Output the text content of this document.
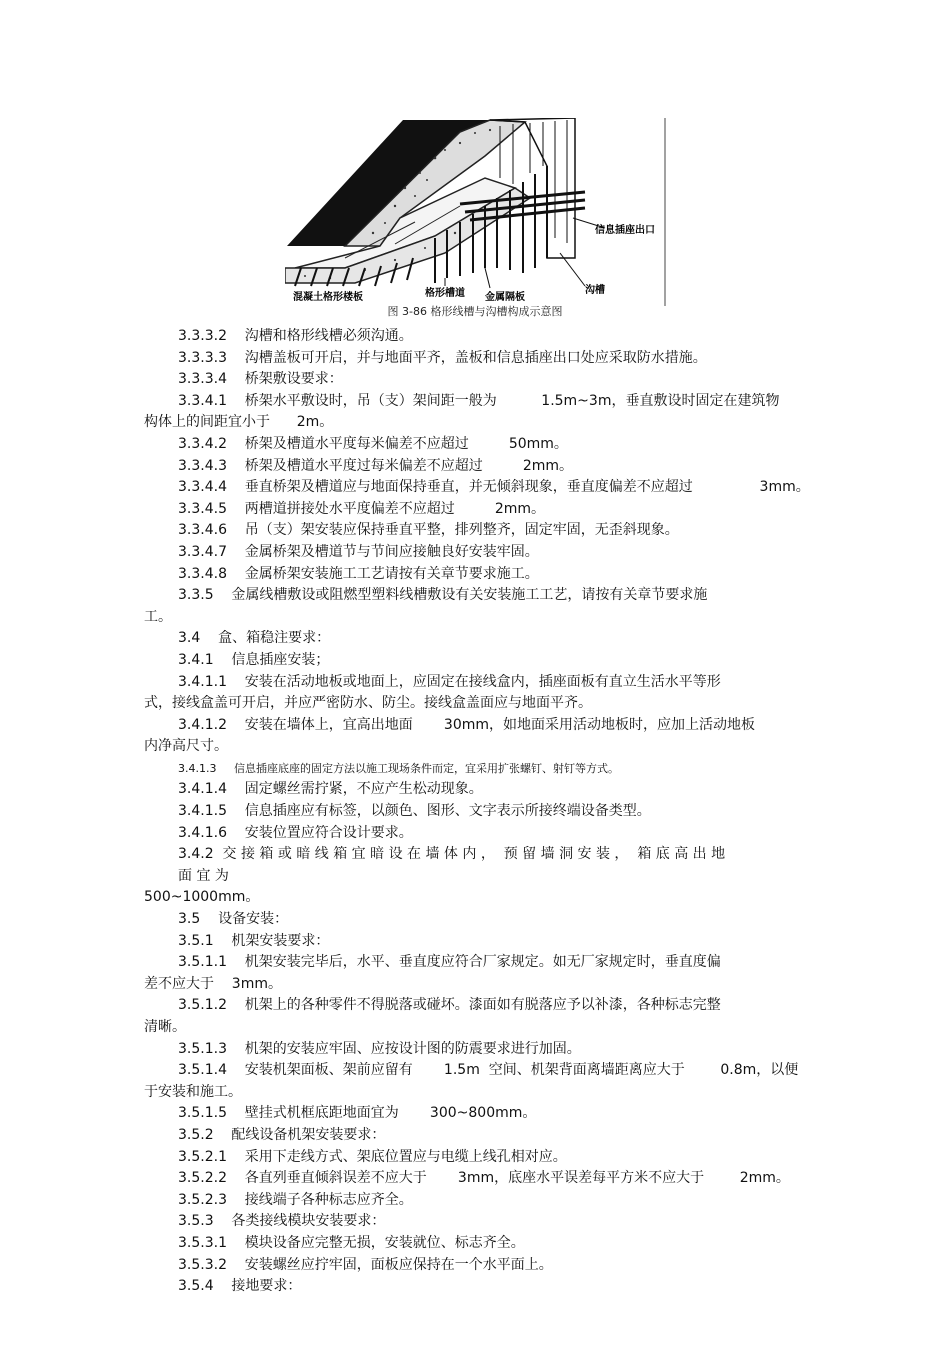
混凝土格形楼板	格形槽道 金属隔板
信息插座出口
沟槽
图 3-86 格形线槽与沟槽构成示意图
3.3.3.2    沟槽和格形线槽必须沟通。
3.3.3.3    沟槽盖板可开启，并与地面平齐，盖板和信息插座出口处应采取防水措施。
3.3.3.4    桥架敷设要求：
3.3.4.1    桥架水平敷设时，吊（支）架间距一般为          1.5m~3m，垂直敷设时固定在建筑物
构体上的间距宜小于      2m。
3.3.4.2    桥架及槽道水平度每米偏差不应超过         50mm。
3.3.4.3    桥架及槽道水平度过每米偏差不应超过         2mm。
3.3.4.4    垂直桥架及槽道应与地面保持垂直，并无倾斜现象，垂直度偏差不应超过               3mm。
3.3.4.5    两槽道拼接处水平度偏差不应超过         2mm。
3.3.4.6    吊（支）架安装应保持垂直平整，排列整齐，固定牢固，无歪斜现象。
3.3.4.7    金属桥架及槽道节与节间应接触良好安装牢固。
3.3.4.8    金属桥架安装施工工艺请按有关章节要求施工。
3.3.5    金属线槽敷设或阻燃型塑料线槽敷设有关安装施工工艺，请按有关章节要求施
工。
3.4    盒、箱稳注要求：
3.4.1    信息插座安装；
3.4.1.1    安装在活动地板或地面上，应固定在接线盒内，插座面板有直立生活水平等形
式，接线盒盖可开启，并应严密防水、防尘。接线盒盖面应与地面平齐。
3.4.1.2    安装在墙体上，宜高出地面       30mm，如地面采用活动地板时，应加上活动地板
内净高尺寸。
3.4.1.3     信息插座底座的固定方法以施工现场条件而定，宜采用扩张螺钉、射钉等方式。
3.4.1.4    固定螺丝需拧紧，不应产生松动现象。
3.4.1.5    信息插座应有标签，以颜色、图形、文字表示所接终端设备类型。
3.4.1.6    安装位置应符合设计要求。
3.4.2  交 接 箱 或 暗 线 箱 宜 暗 设 在 墙 体 内 ，  预 留 墙 洞 安 装 ，  箱 底 高 出 地
面 宜 为
500~1000mm。
3.5    设备安装：
3.5.1    机架安装要求：
3.5.1.1    机架安装完毕后，水平、垂直度应符合厂家规定。如无厂家规定时，垂直度偏
差不应大于    3mm。
3.5.1.2    机架上的各种零件不得脱落或碰坏。漆面如有脱落应予以补漆，各种标志完整
清晰。
3.5.1.3    机架的安装应牢固、应按设计图的防震要求进行加固。
3.5.1.4    安装机架面板、架前应留有       1.5m  空间、机架背面离墙距离应大于        0.8m，以便
于安装和施工。
3.5.1.5    壁挂式机框底距地面宜为       300~800mm。
3.5.2    配线设备机架安装要求：
3.5.2.1    采用下走线方式、架底位置应与电缆上线孔相对应。
3.5.2.2    各直列垂直倾斜误差不应大于       3mm，底座水平误差每平方米不应大于        2mm。
3.5.2.3    接线端子各种标志应齐全。
3.5.3    各类接线模块安装要求：
3.5.3.1    模块设备应完整无损，安装就位、标志齐全。
3.5.3.2    安装螺丝应拧牢固，面板应保持在一个水平面上。
3.5.4    接地要求：
